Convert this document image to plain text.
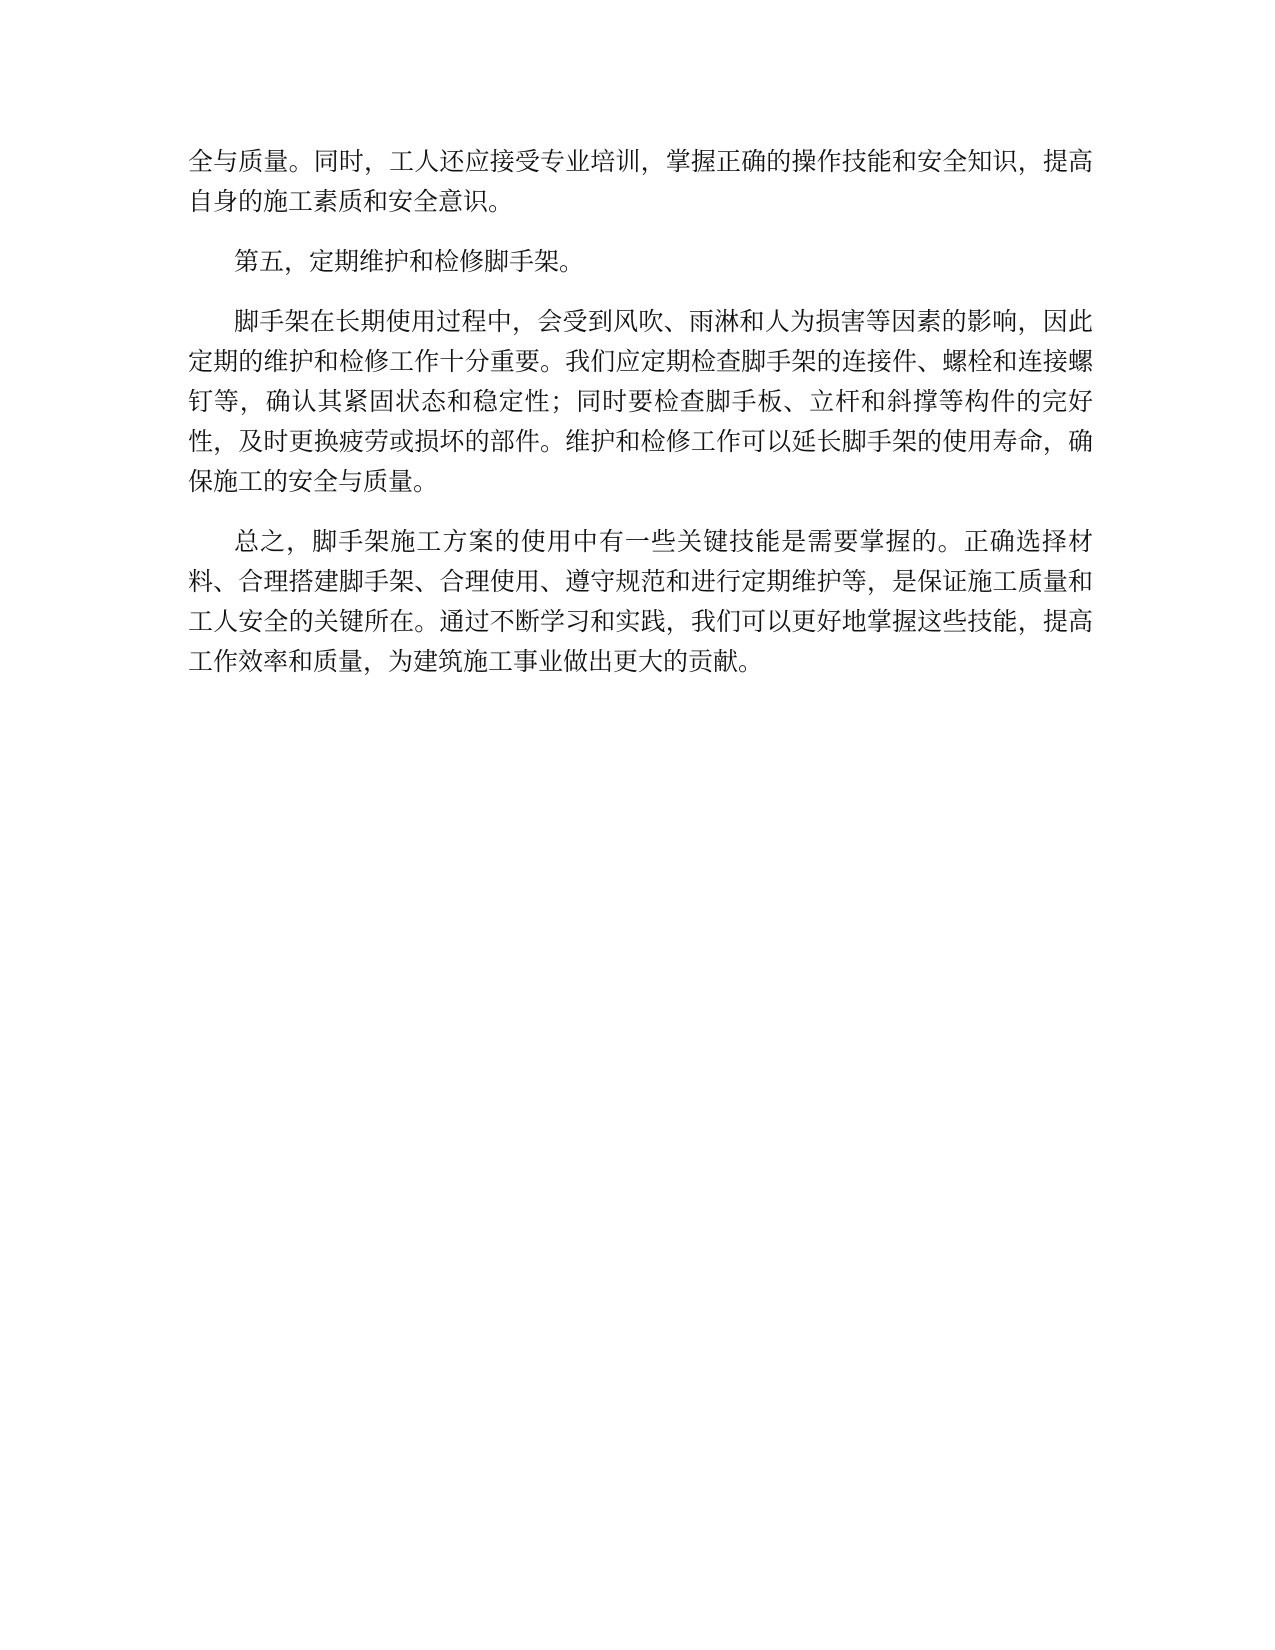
全与质量。同时，工人还应接受专业培训，掌握正确的操作技能和安全知识，提高
自身的施工素质和安全意识。

第五，定期维护和检修脚手架。

脚手架在长期使用过程中，会受到风吹、雨淋和人为损害等因素的影响，因此
定期的维护和检修工作十分重要。我们应定期检查脚手架的连接件、螺栓和连接螺
钉等，确认其紧固状态和稳定性；同时要检查脚手板、立杆和斜撑等构件的完好
性，及时更换疲劳或损坏的部件。维护和检修工作可以延长脚手架的使用寿命，确
保施工的安全与质量。

总之，脚手架施工方案的使用中有一些关键技能是需要掌握的。正确选择材
料、合理搭建脚手架、合理使用、遵守规范和进行定期维护等，是保证施工质量和
工人安全的关键所在。通过不断学习和实践，我们可以更好地掌握这些技能，提高
工作效率和质量，为建筑施工事业做出更大的贡献。
